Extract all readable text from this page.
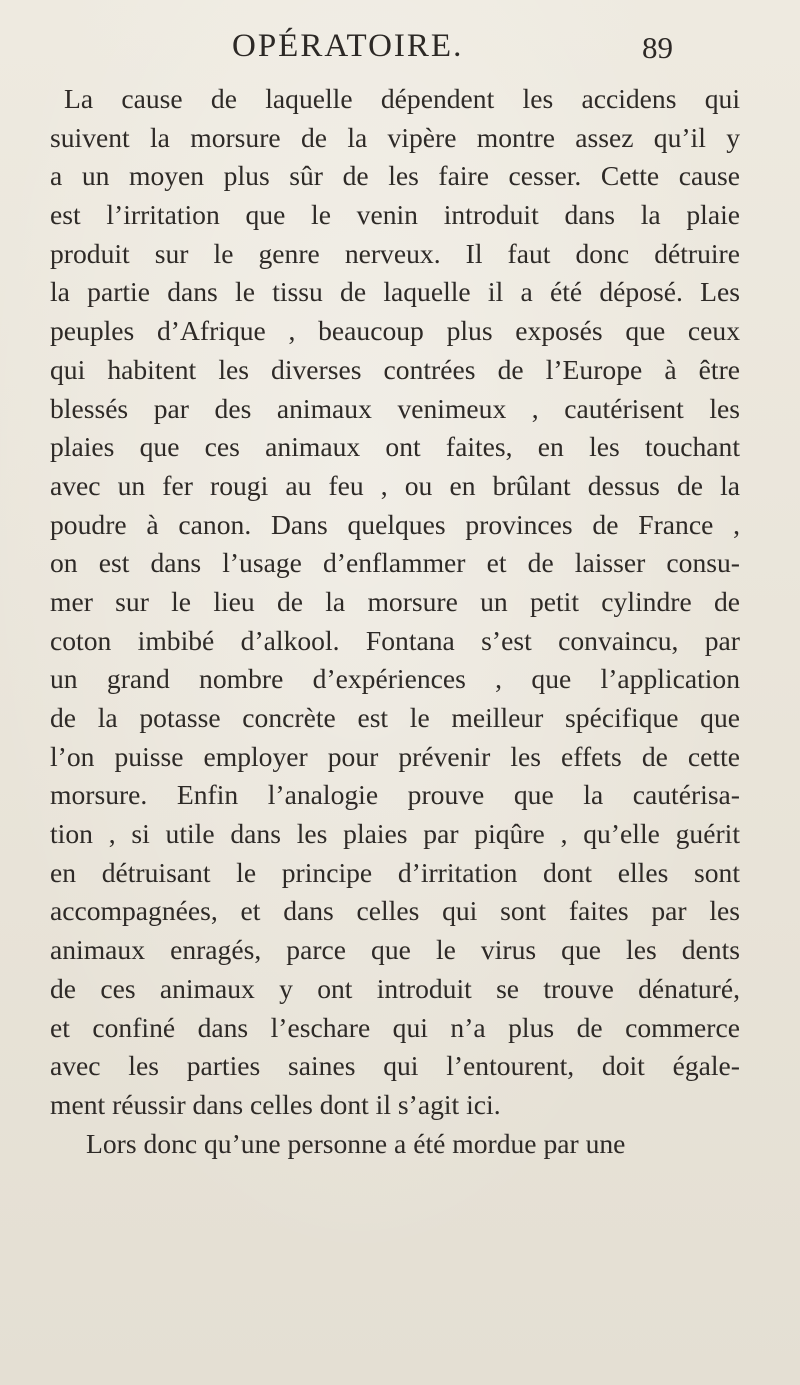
OPÉRATOIRE.	89
La cause de laquelle dépendent les accidens qui
suivent la morsure de la vipère montre assez qu’il y
a un moyen plus sûr de les faire cesser. Cette cause
est l’irritation que le venin introduit dans la plaie
produit sur le genre nerveux. Il faut donc détruire
la partie dans le tissu de laquelle il a été déposé. Les
peuples d’Afrique , beaucoup plus exposés que ceux
qui habitent les diverses contrées de l’Europe à être
blessés par des animaux venimeux , cautérisent les
plaies que ces animaux ont faites, en les touchant
avec un fer rougi au feu , ou en brûlant dessus de la
poudre à canon. Dans quelques provinces de France ,
on est dans l’usage d’enflammer et de laisser consu-
mer sur le lieu de la morsure un petit cylindre de
coton imbibé d’alkool. Fontana s’est convaincu, par
un grand nombre d’expériences , que l’application
de la potasse concrète est le meilleur spécifique que
l’on puisse employer pour prévenir les effets de cette
morsure. Enfin l’analogie prouve que la cautérisa-
tion , si utile dans les plaies par piqûre , qu’elle guérit
en détruisant le principe d’irritation dont elles sont
accompagnées, et dans celles qui sont faites par les
animaux enragés, parce que le virus que les dents
de ces animaux y ont introduit se trouve dénaturé,
et confiné dans l’eschare qui n’a plus de commerce
avec les parties saines qui l’entourent, doit égale-
ment réussir dans celles dont il s’agit ici.
Lors donc qu’une personne a été mordue par une
